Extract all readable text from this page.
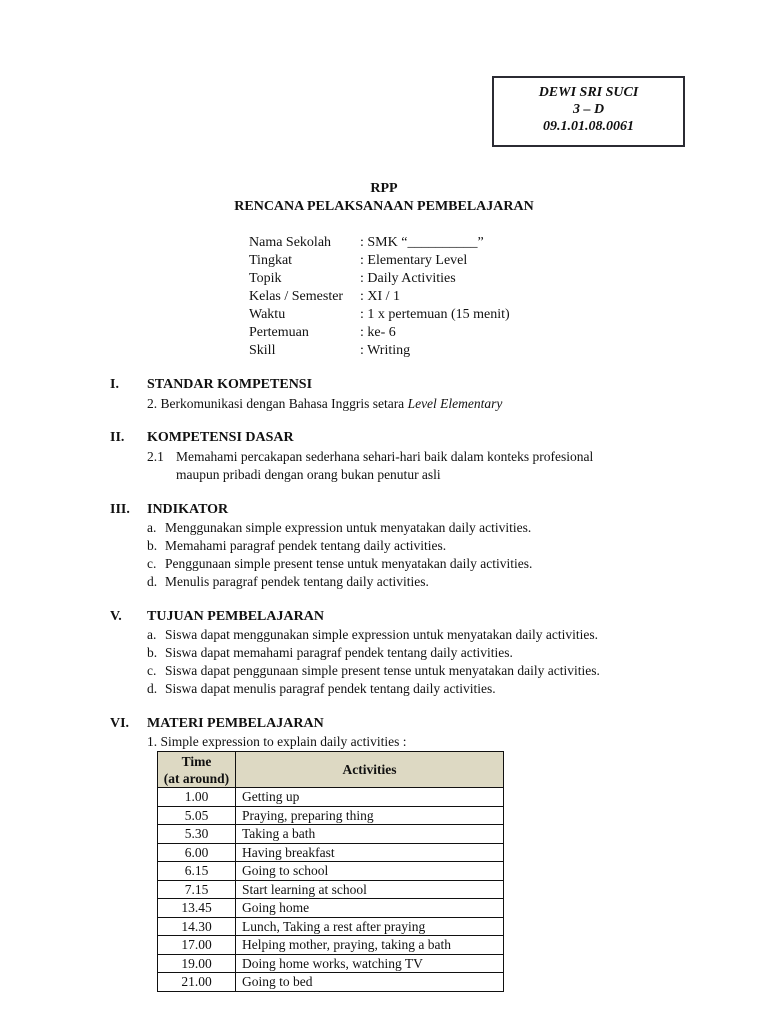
DEWI SRI SUCI
3 – D
09.1.01.08.0061
RPP
RENCANA PELAKSANAAN PEMBELAJARAN
Nama Sekolah : SMK “__________”
Tingkat	: Elementary Level
Topik	: Daily Activities
Kelas / Semester : XI / 1
Waktu	: 1 x pertemuan (15 menit)
Pertemuan	: ke- 6
Skill	: Writing
I. STANDAR KOMPETENSI
2. Berkomunikasi dengan Bahasa Inggris setara Level Elementary
II. KOMPETENSI DASAR
2.1 Memahami percakapan sederhana sehari-hari baik dalam konteks profesional
maupun pribadi dengan orang bukan penutur asli
III. INDIKATOR
a. Menggunakan simple expression untuk menyatakan daily activities.
b. Memahami paragraf pendek tentang daily activities.
c. Penggunaan simple present tense untuk menyatakan daily activities.
d. Menulis paragraf pendek tentang daily activities.
V. TUJUAN PEMBELAJARAN
a. Siswa dapat menggunakan simple expression untuk menyatakan daily activities.
b. Siswa dapat memahami paragraf pendek tentang daily activities.
c. Siswa dapat penggunaan simple present tense untuk menyatakan daily activities.
d. Siswa dapat menulis paragraf pendek tentang daily activities.
VI. MATERI PEMBELAJARAN
1. Simple expression to explain daily activities :
Time
(at around)	Activities
1.00	Getting up
5.05	Praying, preparing thing
5.30	Taking a bath
6.00	Having breakfast
6.15	Going to school
7.15	Start learning at school
13.45	Going home
14.30	Lunch, Taking a rest after praying
17.00	Helping mother, praying, taking a bath
19.00	Doing home works, watching TV
21.00	Going to bed
